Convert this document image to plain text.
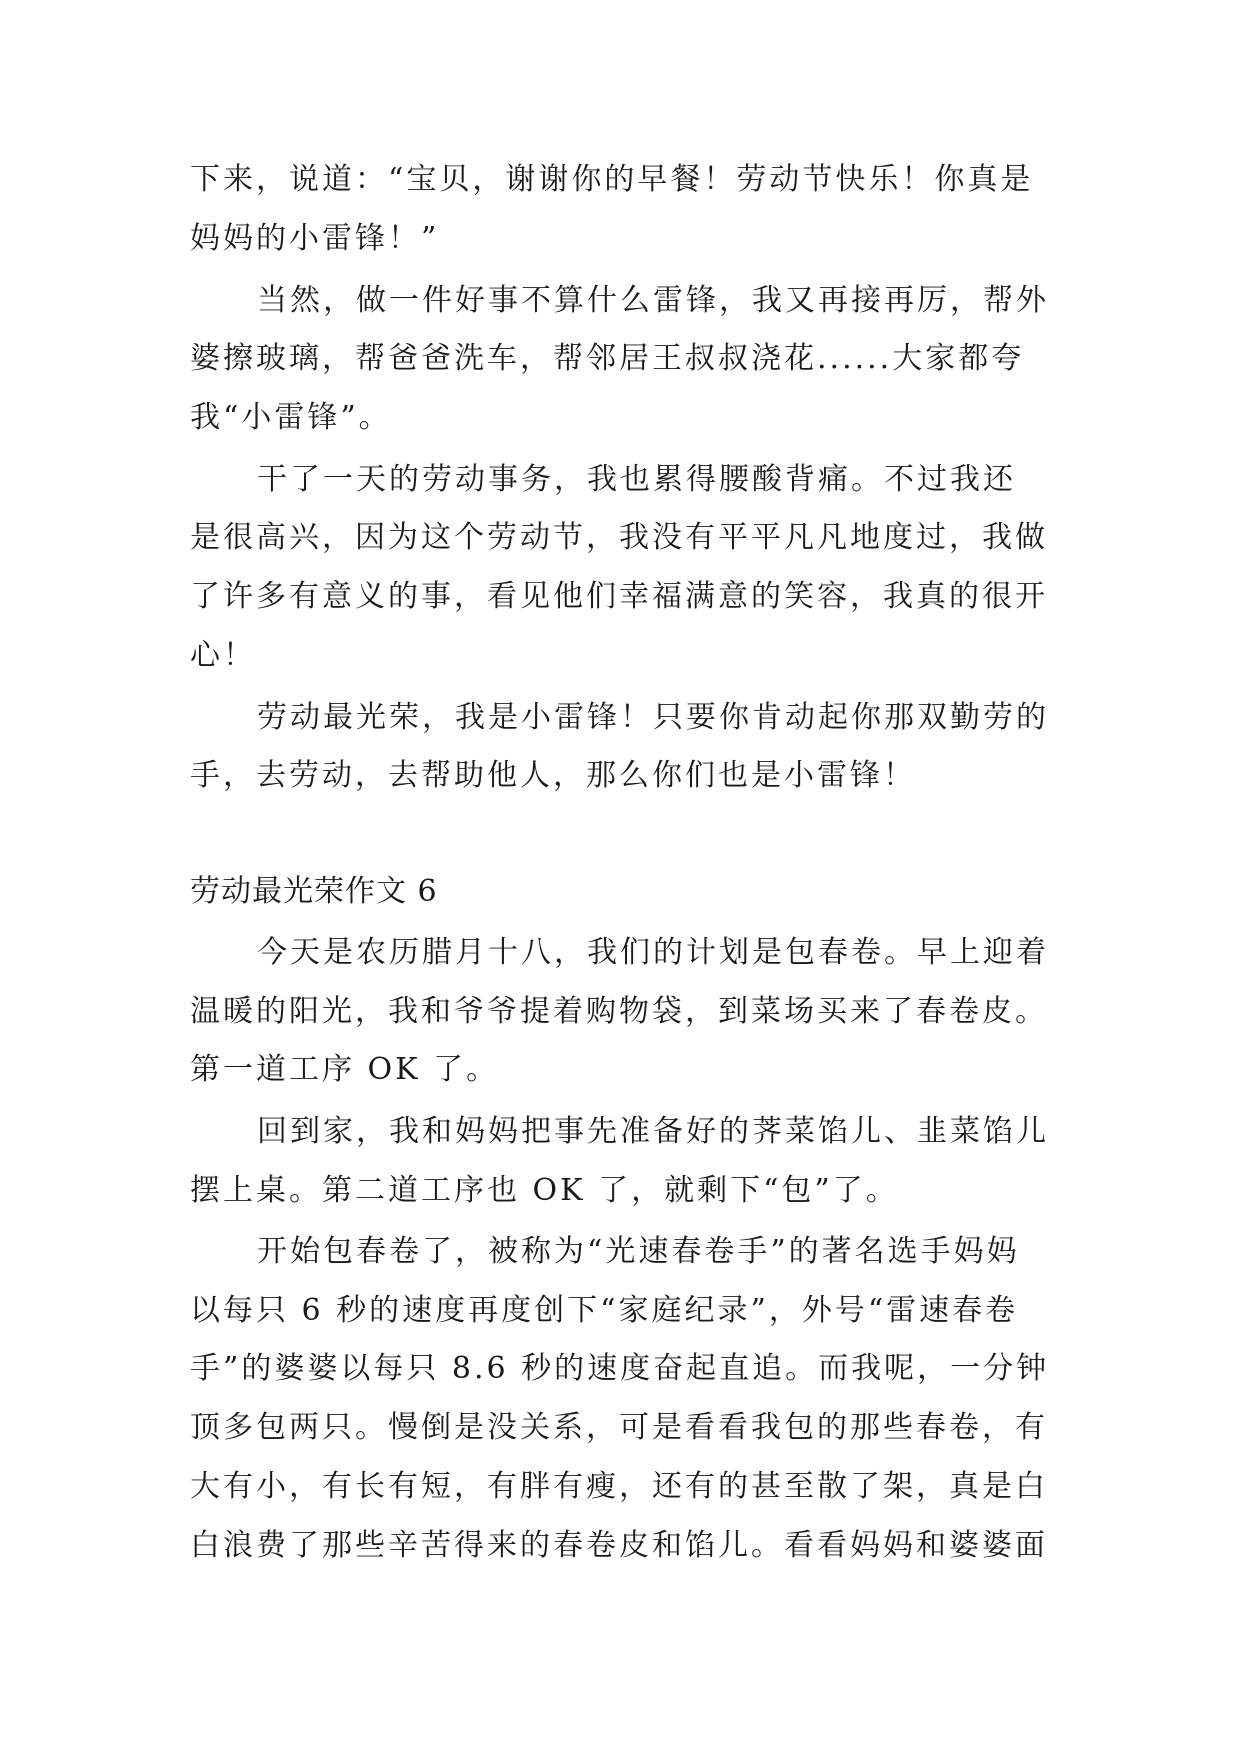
下来，说道：“宝贝，谢谢你的早餐！劳动节快乐！你真是
妈妈的小雷锋！”
当然，做一件好事不算什么雷锋，我又再接再厉，帮外
婆擦玻璃，帮爸爸洗车，帮邻居王叔叔浇花......大家都夸
我“小雷锋”。
干了一天的劳动事务，我也累得腰酸背痛。不过我还
是很高兴，因为这个劳动节，我没有平平凡凡地度过，我做
了许多有意义的事，看见他们幸福满意的笑容，我真的很开
心！
劳动最光荣，我是小雷锋！只要你肯动起你那双勤劳的
手，去劳动，去帮助他人，那么你们也是小雷锋！
劳动最光荣作文 6
今天是农历腊月十八，我们的计划是包春卷。早上迎着
温暖的阳光，我和爷爷提着购物袋，到菜场买来了春卷皮。
第一道工序 OK 了。
回到家，我和妈妈把事先准备好的荠菜馅儿、韭菜馅儿
摆上桌。第二道工序也 OK 了，就剩下“包”了。
开始包春卷了，被称为“光速春卷手”的著名选手妈妈
以每只 6 秒的速度再度创下“家庭纪录”，外号“雷速春卷
手”的婆婆以每只 8.6 秒的速度奋起直追。而我呢，一分钟
顶多包两只。慢倒是没关系，可是看看我包的那些春卷，有
大有小，有长有短，有胖有瘦，还有的甚至散了架，真是白
白浪费了那些辛苦得来的春卷皮和馅儿。看看妈妈和婆婆面
